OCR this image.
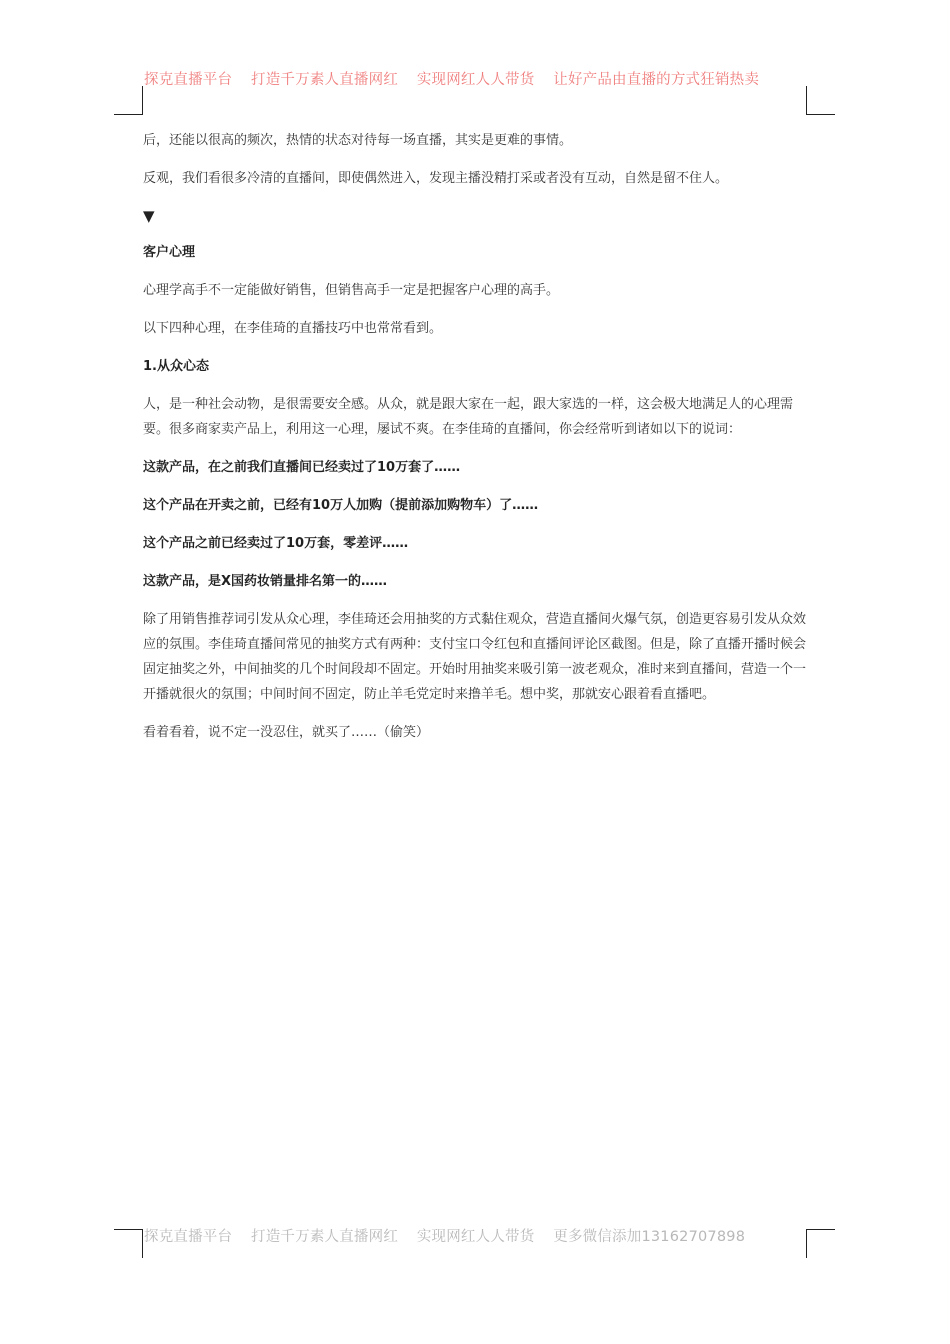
探克直播平台 打造千万素人直播网红 实现网红人人带货 让好产品由直播的方式狂销热卖

后，还能以很高的频次，热情的状态对待每一场直播，其实是更难的事情。

反观，我们看很多冷清的直播间，即使偶然进入，发现主播没精打采或者没有互动，自然是留不住人。

▼

客户心理

心理学高手不一定能做好销售，但销售高手一定是把握客户心理的高手。

以下四种心理，在李佳琦的直播技巧中也常常看到。

1.从众心态

人，是一种社会动物，是很需要安全感。从众，就是跟大家在一起，跟大家选的一样，这会极大地满足人的心理需要。很多商家卖产品上，利用这一心理，屡试不爽。在李佳琦的直播间，你会经常听到诸如以下的说词：

这款产品，在之前我们直播间已经卖过了10万套了……

这个产品在开卖之前，已经有10万人加购（提前添加购物车）了……

这个产品之前已经卖过了10万套，零差评……

这款产品，是X国药妆销量排名第一的……

除了用销售推荐词引发从众心理，李佳琦还会用抽奖的方式黏住观众，营造直播间火爆气氛，创造更容易引发从众效应的氛围。李佳琦直播间常见的抽奖方式有两种：支付宝口令红包和直播间评论区截图。但是，除了直播开播时候会固定抽奖之外，中间抽奖的几个时间段却不固定。开始时用抽奖来吸引第一波老观众，准时来到直播间，营造一个一开播就很火的氛围；中间时间不固定，防止羊毛党定时来撸羊毛。想中奖，那就安心跟着看直播吧。

看着看着，说不定一没忍住，就买了……（偷笑）

探克直播平台 打造千万素人直播网红 实现网红人人带货 更多微信添加13162707898
